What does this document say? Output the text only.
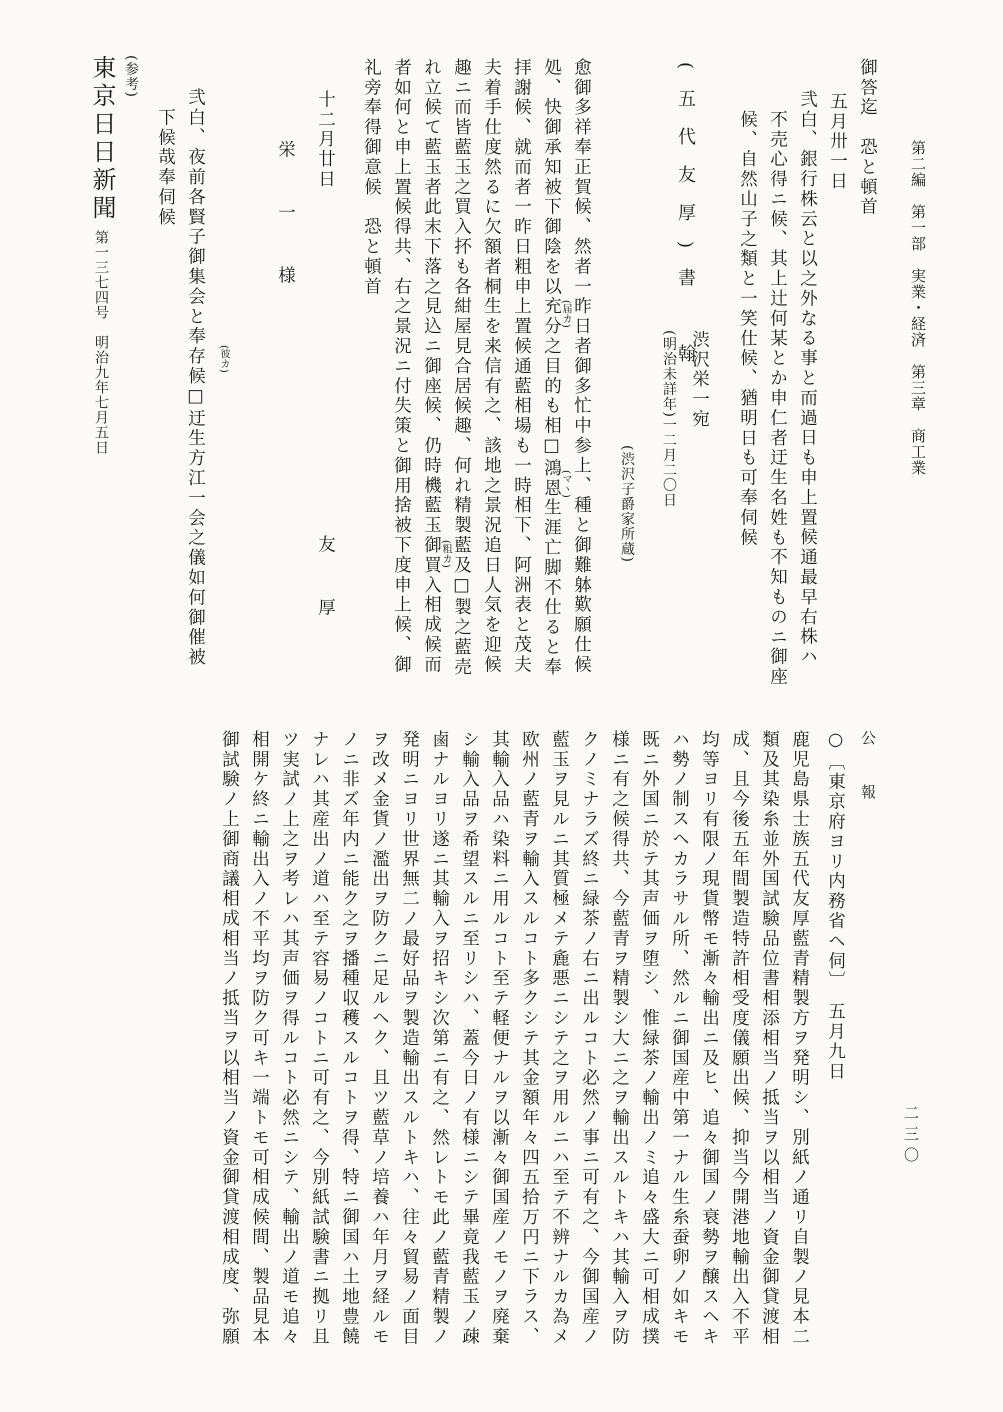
第二編　第一部　実業・経済　第三章　商工業
二三〇
公　報
弐白、銀行株云と以之外なる事と而過日も申上置候通最早右株ハ
不売心得ニ候、其上辻何某とか申仁者迂生名姓も不知ものニ御座
候、自然山子之類と一笑仕候、猶明日も可奉伺候	五月卅一日 御答迄　恐と頓首
(渋沢子爵家所蔵)
(五代友厚)書　翰
渋沢栄一宛
(明治未詳年)一二月二〇日
愈御多祥奉正賀候、然者一昨日者御多忙中参上、種と御難躰歎願仕候
処、快御承知被下御陰を以充分之目的も相□鴻恩生涯亡脚不仕ると奉
拝謝候、就而者一昨日粗申上置候通藍相場も一時相下、阿洲表と茂夫
夫着手仕度然るに欠額者桐生を来信有之、該地之景況追日人気を迎候
趣ニ而皆藍玉之買入抔も各紺屋見合居候趣、何れ精製藍及□製之藍売
れ立候て藍玉者此末下落之見込ニ御座候、仍時機藍玉御買入相成候而
者如何と申上置候得共、右之景況ニ付失策と御用捨被下度申上候、御
礼旁奉得御意候　恐と頓首
(届カ)
(マヽ)
(粗カ)
十二月廿日
友　厚
栄　一　様
弐白、夜前各賢子御集会と奉存候□迂生方江一会之儀如何御催被
下候哉奉伺候
(彼カ)
(参考)
東京日日新聞
第一三七四号　明治九年七月五日
○〔東京府ヨリ内務省ヘ伺〕　五月九日
鹿児島県士族五代友厚藍青精製方ヲ発明シ、別紙ノ通リ自製ノ見本二
類及其染糸並外国試験品位書相添相当ノ抵当ヲ以相当ノ資金御貸渡相
成、且今後五年間製造特許相受度儀願出候、抑当今開港地輸出入不平
均等ヨリ有限ノ現貨幣モ漸々輸出ニ及ヒ、追々御国ノ衰勢ヲ醸スヘキ
ハ勢ノ制スヘカラサル所、然ルニ御国産中第一ナル生糸蚕卵ノ如キモ
既ニ外国ニ於テ其声価ヲ堕シ、惟緑茶ノ輸出ノミ追々盛大ニ可相成撲
様ニ有之候得共、今藍青ヲ精製シ大ニ之ヲ輸出スルトキハ其輸入ヲ防
クノミナラズ終ニ緑茶ノ右ニ出ルコト必然ノ事ニ可有之、今御国産ノ
藍玉ヲ見ルニ其質極メテ麁悪ニシテ之ヲ用ルニハ至テ不辨ナルカ為メ
欧州ノ藍青ヲ輸入スルコト多クシテ其金額年々四五拾万円ニ下ラス、
其輸入品ハ染料ニ用ルコト至テ軽便ナルヲ以漸々御国産ノモノヲ廃棄
シ輸入品ヲ希望スルニ至リシハ、蓋今日ノ有様ニシテ畢竟我藍玉ノ疎
鹵ナルヨリ遂ニ其輸入ヲ招キシ次第ニ有之、然レトモ此ノ藍青精製ノ
発明ニヨリ世界無二ノ最好品ヲ製造輸出スルトキハ、往々貿易ノ面目
ヲ改メ金貨ノ濫出ヲ防クニ足ルヘク、且ツ藍草ノ培養ハ年月ヲ経ルモ
ノニ非ズ年内ニ能ク之ヲ播種収穫スルコトヲ得、特ニ御国ハ土地豊饒
ナレハ其産出ノ道ハ至テ容易ノコトニ可有之、今別紙試験書ニ拠リ且
ツ実試ノ上之ヲ考レハ其声価ヲ得ルコト必然ニシテ、輸出ノ道モ追々
相開ケ終ニ輸出入ノ不平均ヲ防ク可キ一端トモ可相成候間、製品見本
御試験ノ上御商議相成相当ノ抵当ヲ以相当ノ資金御貸渡相成度、弥願
